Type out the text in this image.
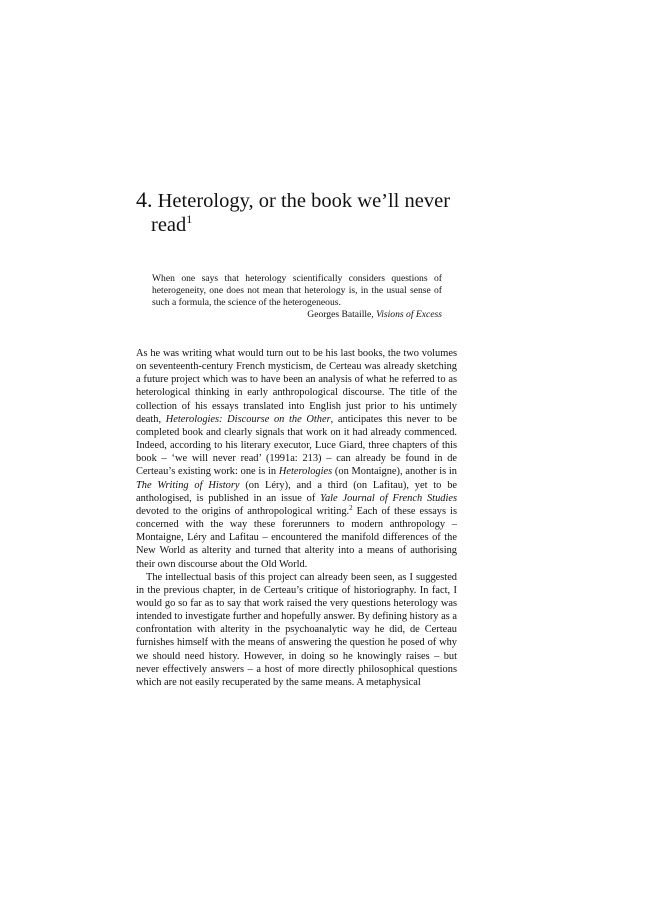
4. Heterology, or the book we’ll never
read$^1$

When one says that heterology scientifically considers questions of heterogeneity, one does not mean that heterology is, in the usual sense of such a formula, the science of the heterogeneous.

Georges Bataille, Visions of Excess

As he was writing what would turn out to be his last books, the two volumes on seventeenth-century French mysticism, de Certeau was already sketching a future project which was to have been an analysis of what he referred to as heterological thinking in early anthropological discourse. The title of the collection of his essays translated into English just prior to his untimely death, Heterologies: Discourse on the Other, anticipates this never to be completed book and clearly signals that work on it had already commenced. Indeed, according to his literary executor, Luce Giard, three chapters of this book – ‘we will never read’ (1991a: 213) – can already be found in de Certeau’s existing work: one is in Heterologies (on Montaigne), another is in The Writing of History (on Léry), and a third (on Lafitau), yet to be anthologised, is published in an issue of Yale Journal of French Studies devoted to the origins of anthropological writing.$^2$ Each of these essays is concerned with the way these forerunners to modern anthropology – Montaigne, Léry and Lafitau – encountered the manifold differences of the New World as alterity and turned that alterity into a means of authorising their own discourse about the Old World.

The intellectual basis of this project can already been seen, as I suggested in the previous chapter, in de Certeau’s critique of historiography. In fact, I would go so far as to say that work raised the very questions heterology was intended to investigate further and hopefully answer. By defining history as a confrontation with alterity in the psychoanalytic way he did, de Certeau furnishes himself with the means of answering the question he posed of why we should need history. However, in doing so he knowingly raises – but never effectively answers – a host of more directly philosophical questions which are not easily recuperated by the same means. A metaphysical
